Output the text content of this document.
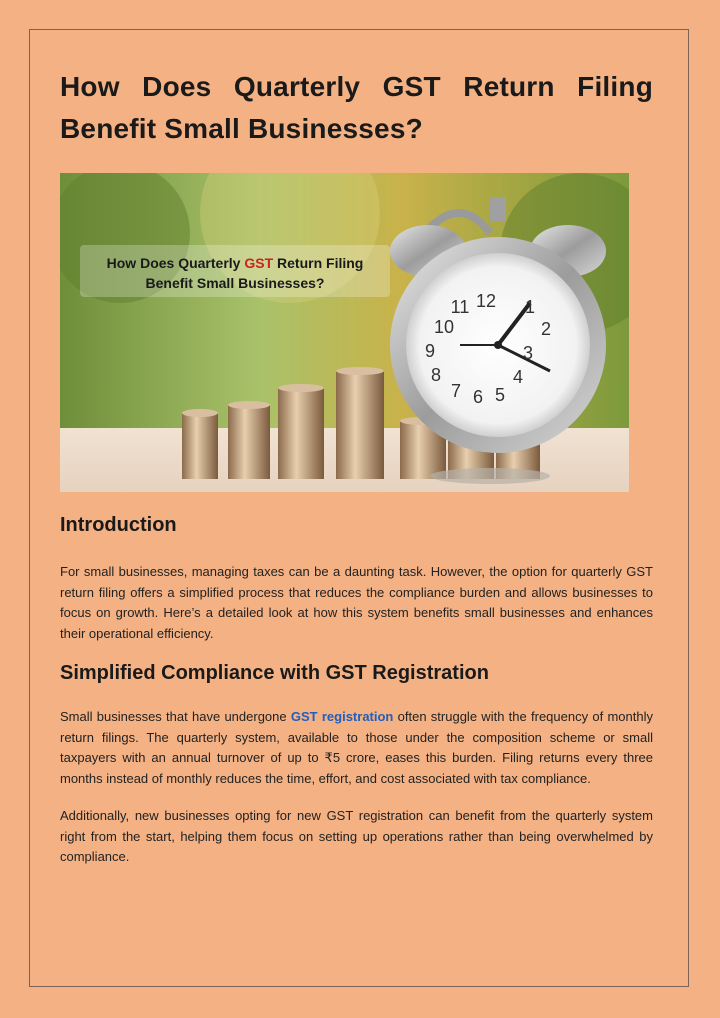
How Does Quarterly GST Return Filing Benefit Small Businesses?
How Does Quarterly GST Return Filing
Benefit Small Businesses?
12 1
2
3
4
5
6
7
8
9
10
11
Introduction

For small businesses, managing taxes can be a daunting task. However, the option for quarterly GST return filing offers a simplified process that reduces the compliance burden and allows businesses to focus on growth. Here’s a detailed look at how this system benefits small businesses and enhances their operational efficiency.

Simplified Compliance with GST Registration

Small businesses that have undergone GST registration often struggle with the frequency of monthly return filings. The quarterly system, available to those under the composition scheme or small taxpayers with an annual turnover of up to ₹5 crore, eases this burden. Filing returns every three months instead of monthly reduces the time, effort, and cost associated with tax compliance.

Additionally, new businesses opting for new GST registration can benefit from the quarterly system right from the start, helping them focus on setting up operations rather than being overwhelmed by compliance.
